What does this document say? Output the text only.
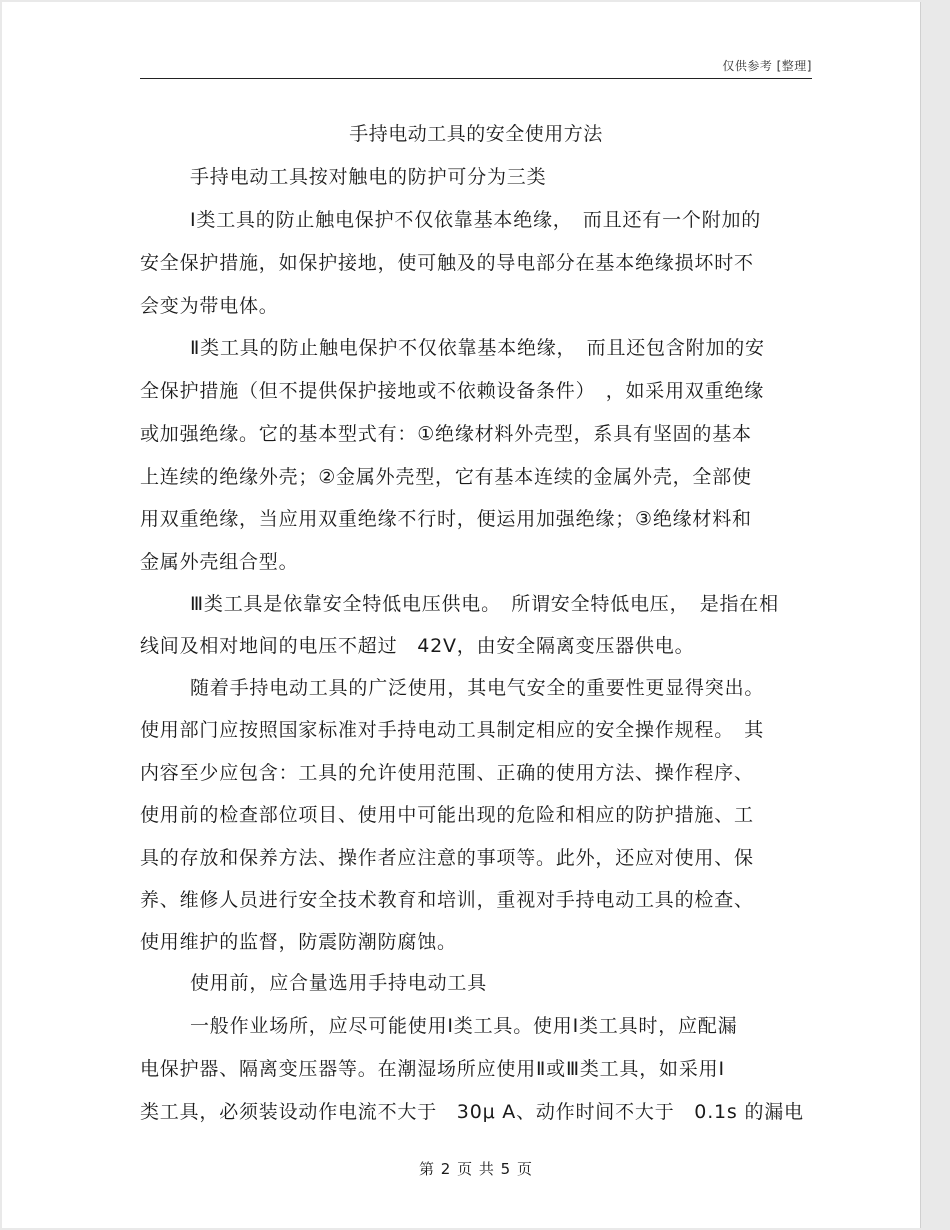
仅供参考 [整理]
手持电动工具的安全使用方法
手持电动工具按对触电的防护可分为三类
Ⅰ类工具的防止触电保护不仅依靠基本绝缘，　而且还有一个附加的
安全保护措施，如保护接地，使可触及的导电部分在基本绝缘损坏时不
会变为带电体。
Ⅱ类工具的防止触电保护不仅依靠基本绝缘，　而且还包含附加的安
全保护措施（但不提供保护接地或不依赖设备条件）　，如采用双重绝缘
或加强绝缘。它的基本型式有：①绝缘材料外壳型，系具有坚固的基本
上连续的绝缘外壳；②金属外壳型，它有基本连续的金属外壳，全部使
用双重绝缘，当应用双重绝缘不行时，便运用加强绝缘；③绝缘材料和
金属外壳组合型。
Ⅲ类工具是依靠安全特低电压供电。　所谓安全特低电压，　是指在相
线间及相对地间的电压不超过　42V，由安全隔离变压器供电。
随着手持电动工具的广泛使用，其电气安全的重要性更显得突出。
使用部门应按照国家标准对手持电动工具制定相应的安全操作规程。　其
内容至少应包含：工具的允许使用范围、正确的使用方法、操作程序、
使用前的检查部位项目、使用中可能出现的危险和相应的防护措施、工
具的存放和保养方法、操作者应注意的事项等。此外，还应对使用、保
养、维修人员进行安全技术教育和培训，重视对手持电动工具的检查、
使用维护的监督，防震防潮防腐蚀。
使用前，应合量选用手持电动工具
一般作业场所，应尽可能使用Ⅰ类工具。使用Ⅰ类工具时，应配漏
电保护器、隔离变压器等。在潮湿场所应使用Ⅱ或Ⅲ类工具，如采用Ⅰ
类工具，必须装设动作电流不大于　30μ A、动作时间不大于　0.1s 的漏电
第 2 页 共 5 页
